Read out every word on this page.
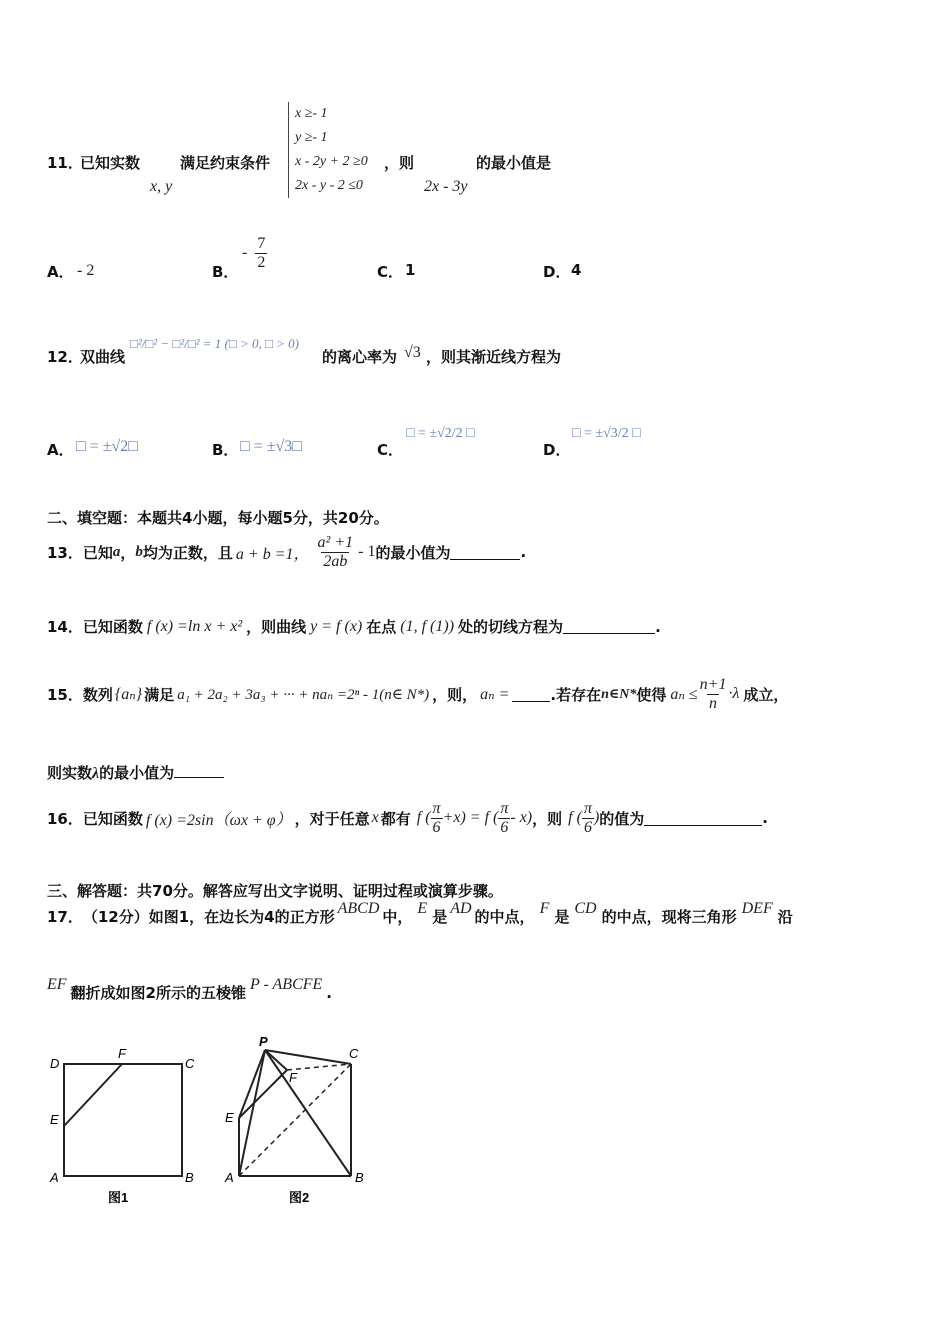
11．
已知实数
x, y
满足约束条件
x ≥- 1
y ≥- 1
x - 2y + 2 ≥0
2x - y - 2 ≤0
，则
2x - 3y
的最小值是
A． - 2	B．
- $\frac{7}{2}$
C． 1	D． 4
12．
双曲线
□²/□² − □²/□² = 1 (□ > 0, □ > 0)
的离心率为 √3 ，则其渐近线方程为
A． □ = ±√2□	B． □ = ±√3□	C．
□ = ±√2/2 □
D．
□ = ±√3/2 □
二、填空题：本题共4小题，每小题5分，共20分。
13． 已知 a ， b 均为正数，且 a + b =1， $\frac{\text{a² +1}}{2ab} - 1$ 的最小值为	.
14． 已知函数 f (x) =ln x + x² ，则曲线 y = f (x) 在点 (1, f (1)) 处的切线方程为	.
15． 数列 {aₙ} 满足 a₁ + 2a₂ + 3a₃ + ··· + naₙ =2ⁿ - 1(n∈ N*) ，则， aₙ =	.若存在 n∈N* 使得 $a_n \le \frac{n+1}{n} \cdot\lambda$ 成立，
则实数λ的最小值为
16． 已知函数 f (x) =2sin（ωx + φ） ，对于任意 x 都有 f ( $\frac{\pi}{6} +x) = f$ ( $\frac{\pi}{6} - x$) ，则 f ( $\frac{\pi}{6}$ ) 的值为	.
三、解答题：共70分。解答应写出文字说明、证明过程或演算步骤。
17． （12分）如图1，在边长为4的正方形 ABCD 中， E 是 AD 的中点， F 是 CD 的中点，现将三角形 DEF 沿
EF 翻折成如图2所示的五棱锥 P - ABCFE .
D
F
C
E
A	B
图1
P
C
F
E
A	B
图2
